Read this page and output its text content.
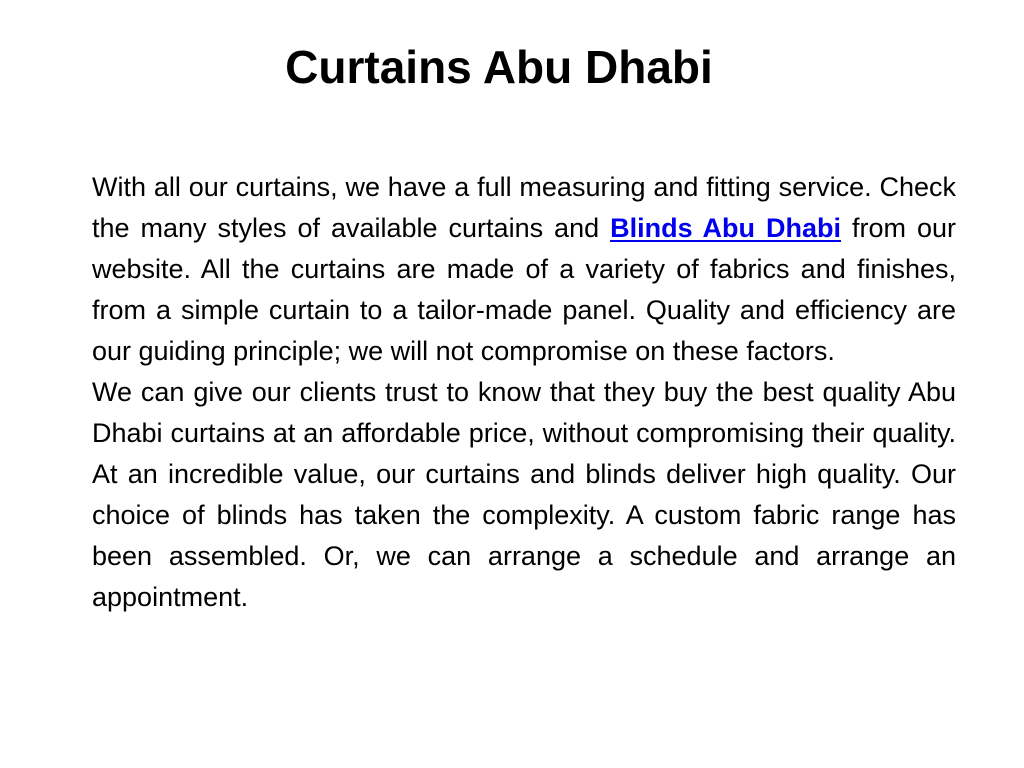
Curtains Abu Dhabi

With all our curtains, we have a full measuring and fitting service. Check the many styles of available curtains and Blinds Abu Dhabi from our website. All the curtains are made of a variety of fabrics and finishes, from a simple curtain to a tailor-made panel. Quality and efficiency are our guiding principle; we will not compromise on these factors.

We can give our clients trust to know that they buy the best quality Abu Dhabi curtains at an affordable price, without compromising their quality. At an incredible value, our curtains and blinds deliver high quality. Our choice of blinds has taken the complexity. A custom fabric range has been assembled. Or, we can arrange a schedule and arrange an appointment.
